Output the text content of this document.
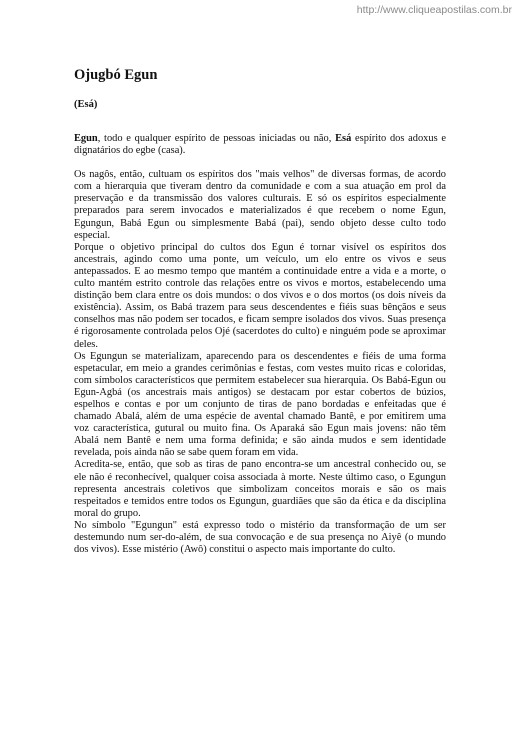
http://www.cliqueapostilas.com.br
Ojugbó Egun
(Esá)

Egun, todo e qualquer espírito de pessoas iniciadas ou não, Esá espírito dos adoxus e dignatários do egbe (casa).

Os nagôs, então, cultuam os espíritos dos "mais velhos" de diversas formas, de acordo com a hierarquia que tiveram dentro da comunidade e com a sua atuação em prol da preservação e da transmissão dos valores culturais. E só os espíritos especialmente preparados para serem invocados e materializados é que recebem o nome Egun, Egungun, Babá Egun ou simplesmente Babá (pai), sendo objeto desse culto todo especial.

Porque o objetivo principal do cultos dos Egun é tornar visível os espíritos dos ancestrais, agindo como uma ponte, um veículo, um elo entre os vivos e seus antepassados. E ao mesmo tempo que mantém a continuidade entre a vida e a morte, o culto mantém estrito controle das relações entre os vivos e mortos, estabelecendo uma distinção bem clara entre os dois mundos: o dos vivos e o dos mortos (os dois níveis da existência). Assim, os Babá trazem para seus descendentes e fiéis suas bênçãos e seus conselhos mas não podem ser tocados, e ficam sempre isolados dos vivos. Suas presença é rigorosamente controlada pelos Ojé (sacerdotes do culto) e ninguém pode se aproximar deles.

Os Egungun se materializam, aparecendo para os descendentes e fiéis de uma forma espetacular, em meio a grandes cerimônias e festas, com vestes muito ricas e coloridas, com símbolos característicos que permitem estabelecer sua hierarquia. Os Babá-Egun ou Egun-Agbá (os ancestrais mais antigos) se destacam por estar cobertos de búzios, espelhos e contas e por um conjunto de tiras de pano bordadas e enfeitadas que é chamado Abalá, além de uma espécie de avental chamado Bantê, e por emitirem uma voz característica, gutural ou muito fina. Os Aparaká são Egun mais jovens: não têm Abalá nem Bantê e nem uma forma definida; e são ainda mudos e sem identidade revelada, pois ainda não se sabe quem foram em vida.

Acredita-se, então, que sob as tiras de pano encontra-se um ancestral conhecido ou, se ele não é reconhecível, qualquer coisa associada à morte. Neste último caso, o Egungun representa ancestrais coletivos que simbolizam conceitos morais e são os mais respeitados e temidos entre todos os Egungun, guardiães que são da ética e da disciplina moral do grupo.

No símbolo "Egungun" está expresso todo o mistério da transformação de um ser destemundo num ser-do-além, de sua convocação e de sua presença no Aiyê (o mundo dos vivos). Esse mistério (Awô) constitui o aspecto mais importante do culto.
